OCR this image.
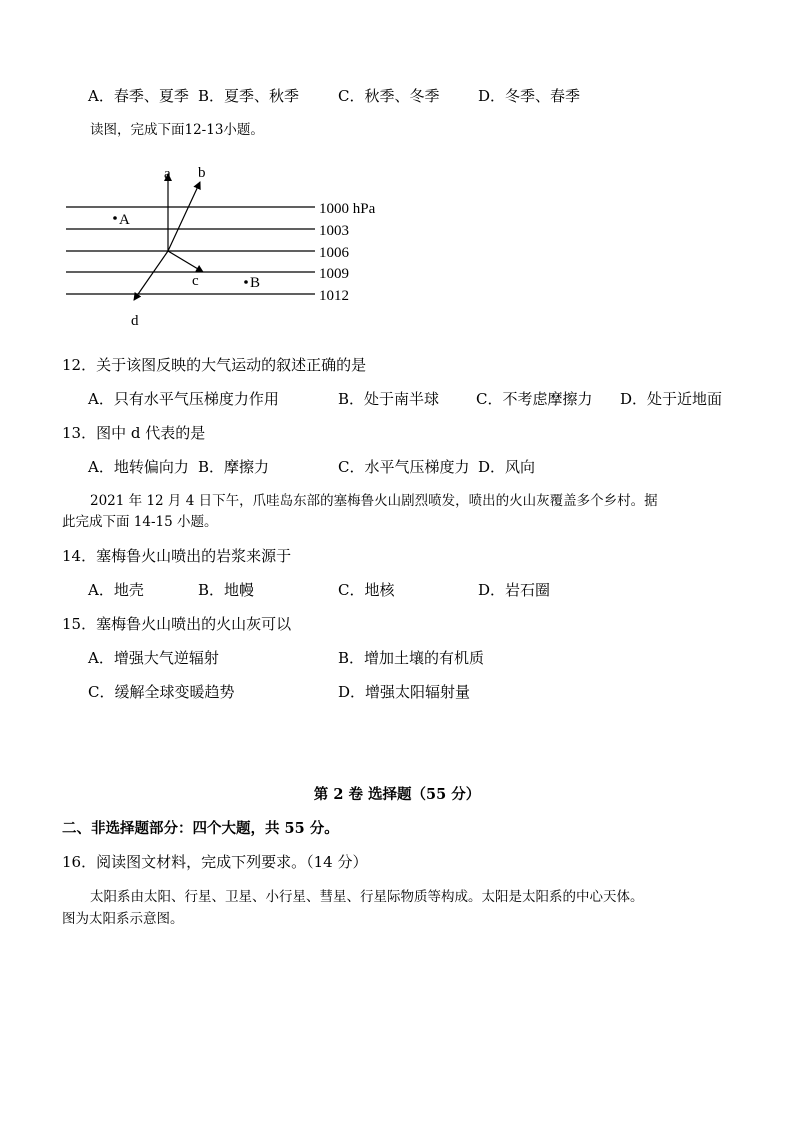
A．春季、夏季 B．夏季、秋季	C．秋季、冬季	D．冬季、春季
读图，完成下面12-13小题。
1000 hPa
1003
1006
1009
1012
a b
c
d
A
B
12．关于该图反映的大气运动的叙述正确的是
A．只有水平气压梯度力作用	B．处于南半球 C．不考虑摩擦力 D．处于近地面
13．图中 d 代表的是
A．地转偏向力 B．摩擦力	C．水平气压梯度力 D．风向
2021 年 12 月 4 日下午，爪哇岛东部的塞梅鲁火山剧烈喷发，喷出的火山灰覆盖多个乡村。据
此完成下面 14-15 小题。
14．塞梅鲁火山喷出的岩浆来源于
A．地壳	B．地幔	C．地核	D．岩石圈
15．塞梅鲁火山喷出的火山灰可以
A．增强大气逆辐射	B．增加土壤的有机质
C．缓解全球变暖趋势	D．增强太阳辐射量
第 2 卷 选择题（55 分）
二、非选择题部分：四个大题，共 55 分。
16．阅读图文材料，完成下列要求。（14 分）
太阳系由太阳、行星、卫星、小行星、彗星、行星际物质等构成。太阳是太阳系的中心天体。
图为太阳系示意图。
